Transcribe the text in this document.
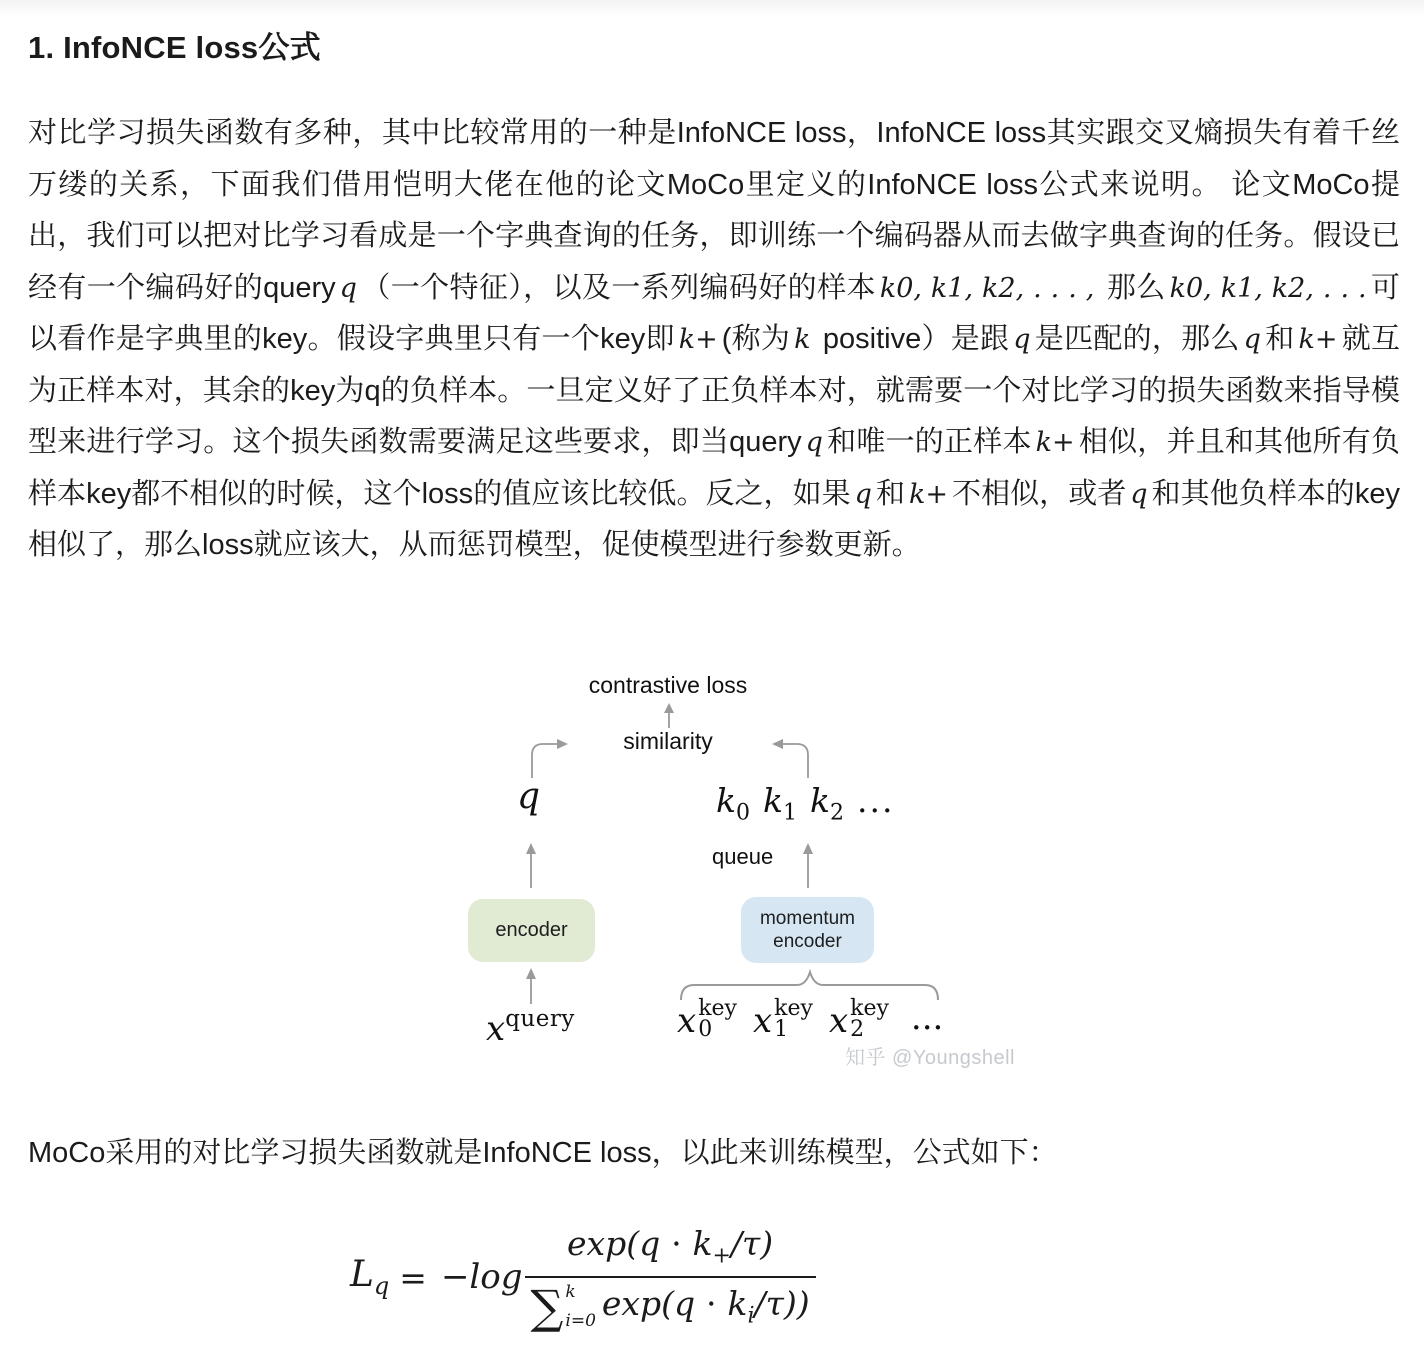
1. InfoNCE loss公式

对比学习损失函数有多种，其中比较常用的一种是InfoNCE loss，InfoNCE loss其实跟交叉熵损失有着千丝万缕的关系，下面我们借用恺明大佬在他的论文MoCo里定义的InfoNCE loss公式来说明。 论文MoCo提出，我们可以把对比学习看成是一个字典查询的任务，即训练一个编码器从而去做字典查询的任务。假设已经有一个编码好的query q （一个特征），以及一系列编码好的样本 k0, k1, k2, . . . , 那么 k0, k1, k2, . . . 可以看作是字典里的key。假设字典里只有一个key即 k+ (称为 k positive）是跟 q 是匹配的，那么 q 和 k+ 就互为正样本对，其余的key为q的负样本。一旦定义好了正负样本对，就需要一个对比学习的损失函数来指导模型来进行学习。这个损失函数需要满足这些要求，即当query q 和唯一的正样本 k+ 相似，并且和其他所有负样本key都不相似的时候，这个loss的值应该比较低。反之，如果 q 和 k+ 不相似，或者 q 和其他负样本的key相似了，那么loss就应该大，从而惩罚模型，促使模型进行参数更新。

contrastive loss
similarity
q	$k_0$ $k_1$ $k_2$ ...
queue
encoder
momentum
encoder
$x^{query}$	x key
0	x key
1	x key
2	...
知乎 @Youngshell

MoCo采用的对比学习损失函数就是InfoNCE loss，以此来训练模型，公式如下：

$L_q = -\log$ $\exp(q \cdot k_+/\tau)$
∑ k
i=0 $\exp(q \cdot k_i/\tau)$)
